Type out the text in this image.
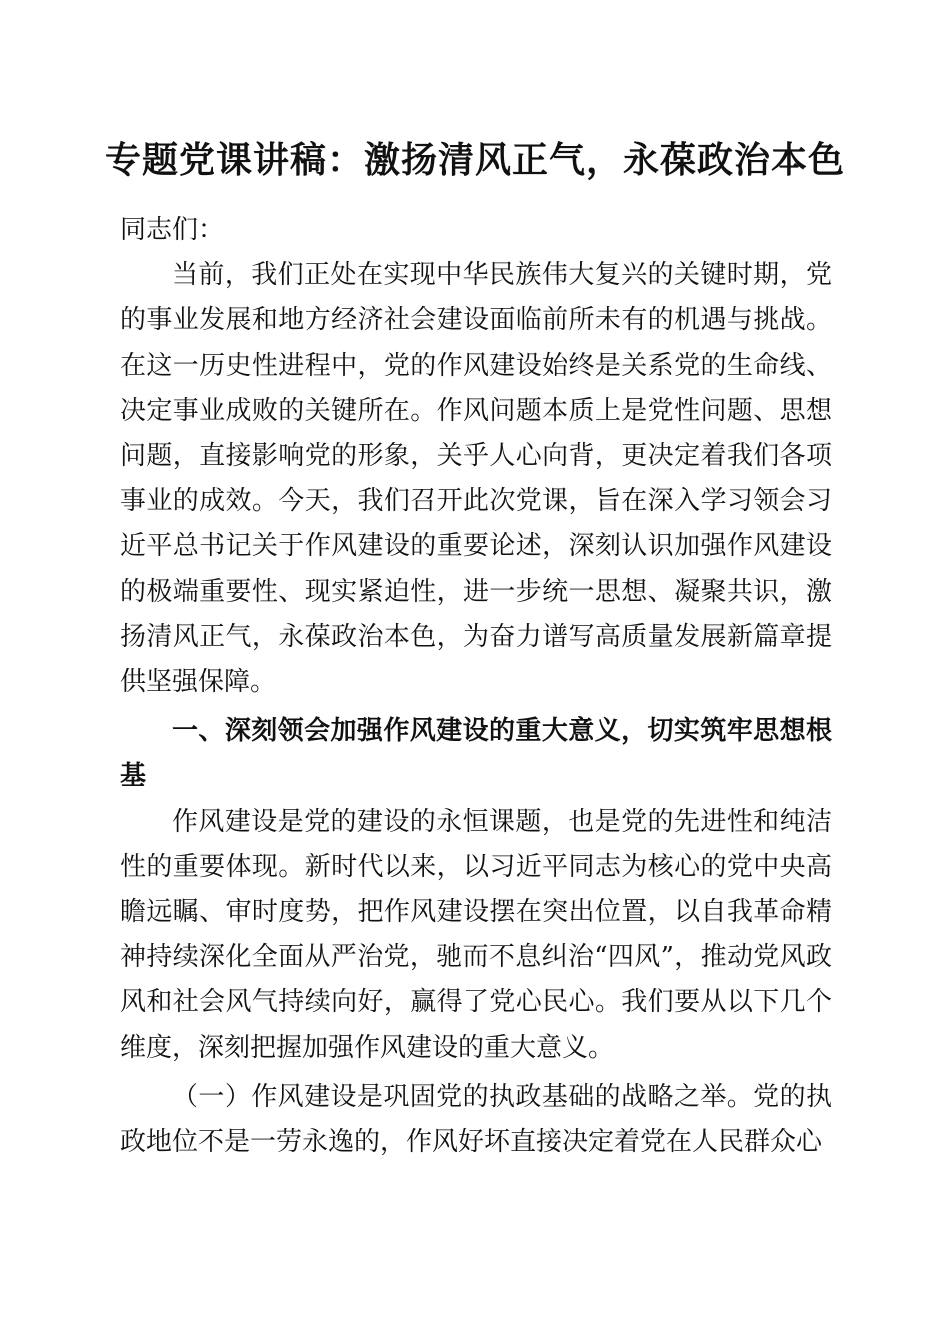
专题党课讲稿：激扬清风正气，永葆政治本色

同志们：

当前，我们正处在实现中华民族伟大复兴的关键时期，党的事业发展和地方经济社会建设面临前所未有的机遇与挑战。在这一历史性进程中，党的作风建设始终是关系党的生命线、决定事业成败的关键所在。作风问题本质上是党性问题、思想问题，直接影响党的形象，关乎人心向背，更决定着我们各项事业的成效。今天，我们召开此次党课，旨在深入学习领会习近平总书记关于作风建设的重要论述，深刻认识加强作风建设的极端重要性、现实紧迫性，进一步统一思想、凝聚共识，激扬清风正气，永葆政治本色，为奋力谱写高质量发展新篇章提供坚强保障。

一、深刻领会加强作风建设的重大意义，切实筑牢思想根基

作风建设是党的建设的永恒课题，也是党的先进性和纯洁性的重要体现。新时代以来，以习近平同志为核心的党中央高瞻远瞩、审时度势，把作风建设摆在突出位置，以自我革命精神持续深化全面从严治党，驰而不息纠治“四风”，推动党风政风和社会风气持续向好，赢得了党心民心。我们要从以下几个维度，深刻把握加强作风建设的重大意义。

（一）作风建设是巩固党的执政基础的战略之举。党的执政地位不是一劳永逸的，作风好坏直接决定着党在人民群众心
